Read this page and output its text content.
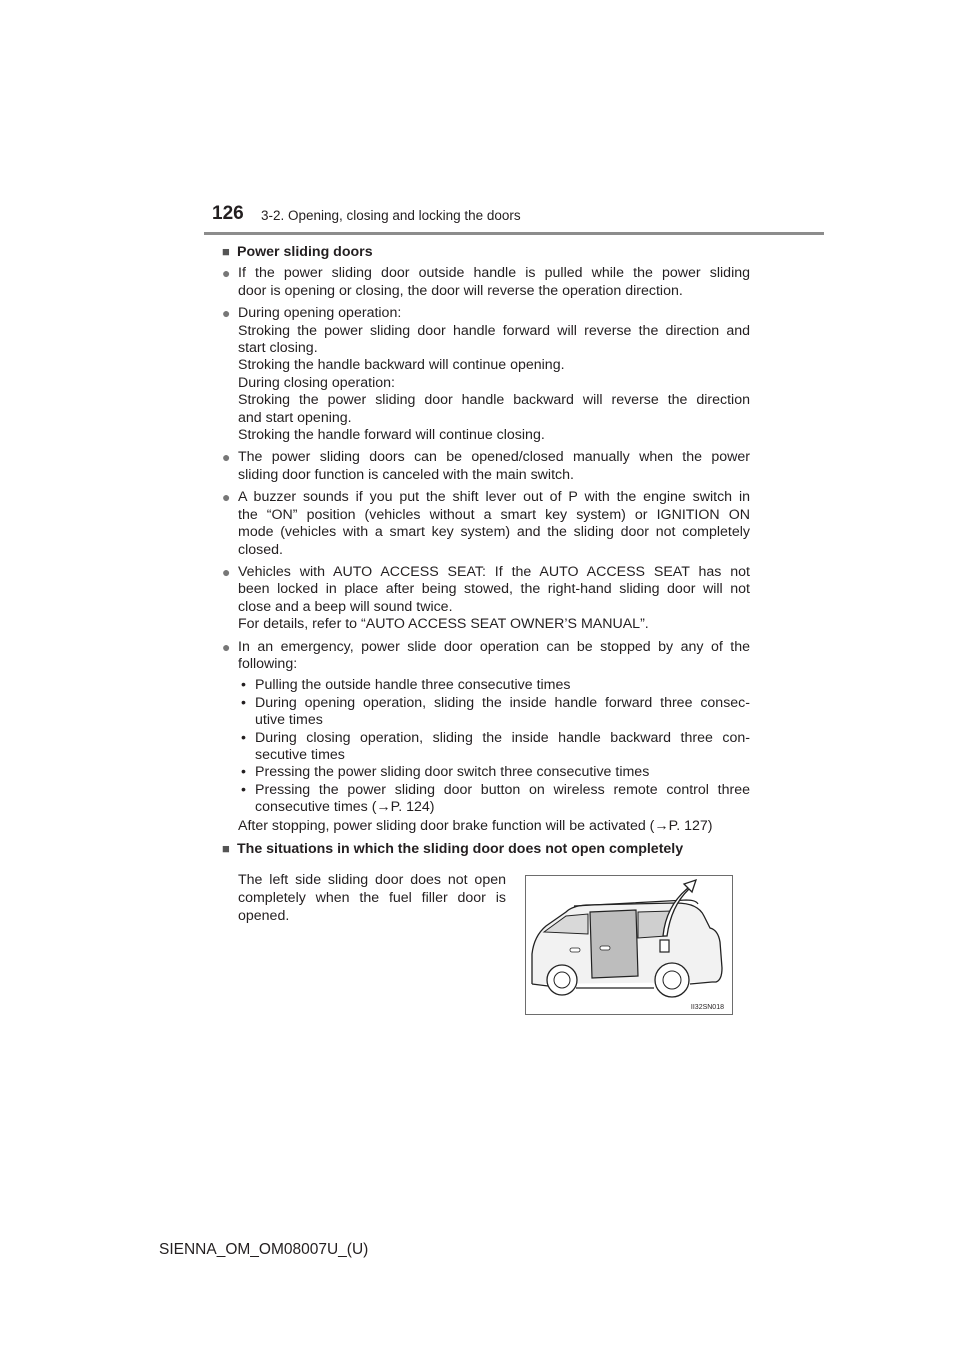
126 3-2. Opening, closing and locking the doors
■ Power sliding doors
● If the power sliding door outside handle is pulled while the power sliding
door is opening or closing, the door will reverse the operation direction.
● During opening operation:
Stroking the power sliding door handle forward will reverse the direction and
start closing.
Stroking the handle backward will continue opening.
During closing operation:
Stroking the power sliding door handle backward will reverse the direction
and start opening.
Stroking the handle forward will continue closing.
● The power sliding doors can be opened/closed manually when the power
sliding door function is canceled with the main switch.
● A buzzer sounds if you put the shift lever out of P with the engine switch in
the “ON” position (vehicles without a smart key system) or IGNITION ON
mode (vehicles with a smart key system) and the sliding door not completely
closed.
● Vehicles with AUTO ACCESS SEAT: If the AUTO ACCESS SEAT has not
been locked in place after being stowed, the right-hand sliding door will not
close and a beep will sound twice.
For details, refer to “AUTO ACCESS SEAT OWNER’S MANUAL”.
● In an emergency, power slide door operation can be stopped by any of the
following:
• Pulling the outside handle three consecutive times
• During opening operation, sliding the inside handle forward three consec-
utive times
• During closing operation, sliding the inside handle backward three con-
secutive times
• Pressing the power sliding door switch three consecutive times
• Pressing the power sliding door button on wireless remote control three
consecutive times (→P. 124)
After stopping, power sliding door brake function will be activated (→P. 127)
■ The situations in which the sliding door does not open completely
The left side sliding door does not open
completely when the fuel filler door is
opened.
II32SN018
SIENNA_OM_OM08007U_(U)
